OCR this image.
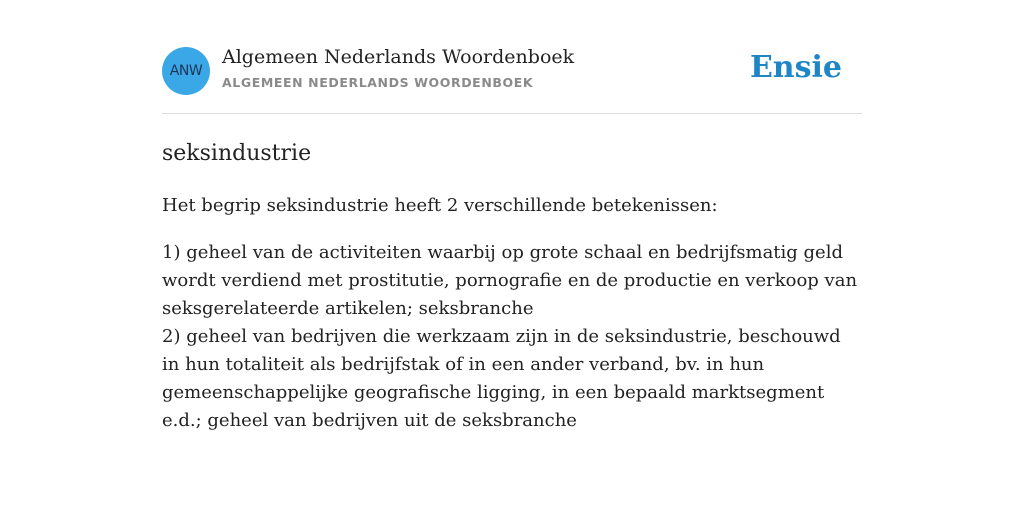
ANW
Algemeen Nederlands Woordenboek
ALGEMEEN NEDERLANDS WOORDENBOEK	Ensie
seksindustrie
Het begrip seksindustrie heeft 2 verschillende betekenissen:

1) geheel van de activiteiten waarbij op grote schaal en bedrijfsmatig geld wordt verdiend met prostitutie, pornografie en de productie en verkoop van seksgerelateerde artikelen; seksbranche

2) geheel van bedrijven die werkzaam zijn in de seksindustrie, beschouwd in hun totaliteit als bedrijfstak of in een ander verband, bv. in hun gemeenschappelijke geografische ligging, in een bepaald marktsegment e.d.; geheel van bedrijven uit de seksbranche
